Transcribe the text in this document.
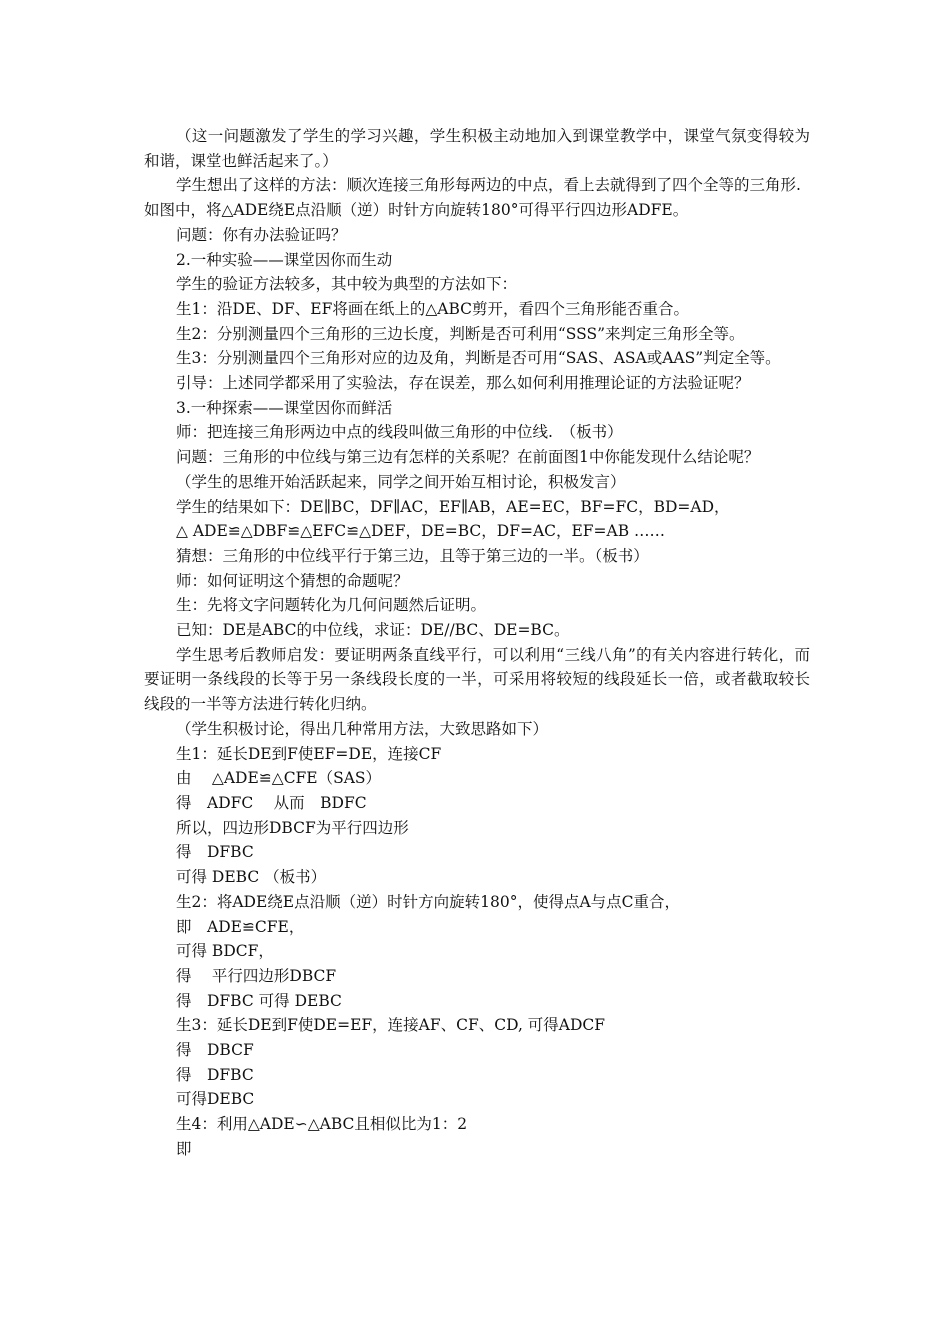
（这一问题激发了学生的学习兴趣，学生积极主动地加入到课堂教学中，课堂气氛变得较为和谐，课堂也鲜活起来了。）

学生想出了这样的方法：顺次连接三角形每两边的中点，看上去就得到了四个全等的三角形.

如图中，将△ADE绕E点沿顺（逆）时针方向旋转180°可得平行四边形ADFE。

问题：你有办法验证吗？

2.一种实验——课堂因你而生动

学生的验证方法较多，其中较为典型的方法如下：

生1：沿DE、DF、EF将画在纸上的△ABC剪开，看四个三角形能否重合。

生2：分别测量四个三角形的三边长度，判断是否可利用“SSS”来判定三角形全等。

生3：分别测量四个三角形对应的边及角，判断是否可用“SAS、ASA或AAS”判定全等。

引导：上述同学都采用了实验法，存在误差，那么如何利用推理论证的方法验证呢？

3.一种探索——课堂因你而鲜活

师：把连接三角形两边中点的线段叫做三角形的中位线.　（板书）

问题：三角形的中位线与第三边有怎样的关系呢？在前面图1中你能发现什么结论呢？

（学生的思维开始活跃起来，同学之间开始互相讨论，积极发言）

学生的结果如下：DE∥BC，DF∥AC，EF∥AB，AE=EC，BF=FC，BD=AD，

△ ADE≌△DBF≌△EFC≌△DEF，DE=BC，DF=AC，EF=AB ……

猜想：三角形的中位线平行于第三边，且等于第三边的一半。（板书）

师：如何证明这个猜想的命题呢？

生：先将文字问题转化为几何问题然后证明。

已知：DE是ABC的中位线，求证：DE//BC、DE=BC。

学生思考后教师启发：要证明两条直线平行，可以利用“三线八角”的有关内容进行转化，而要证明一条线段的长等于另一条线段长度的一半，可采用将较短的线段延长一倍，或者截取较长线段的一半等方法进行转化归纳。

（学生积极讨论，得出几种常用方法，大致思路如下）

生1：延长DE到F使EF=DE，连接CF

由　 △ADE≌△CFE（SAS）

得　ADFC　 从而　BDFC

所以，四边形DBCF为平行四边形

得　DFBC

可得 DEBC （板书）

生2：将ADE绕E点沿顺（逆）时针方向旋转180°，使得点A与点C重合，

即　ADE≌CFE，

可得 BDCF，

得　 平行四边形DBCF

得　DFBC 可得 DEBC

生3：延长DE到F使DE=EF，连接AF、CF、CD, 可得ADCF

得　DBCF

得　DFBC

可得DEBC

生4：利用△ADE∽△ABC且相似比为1：2

即
